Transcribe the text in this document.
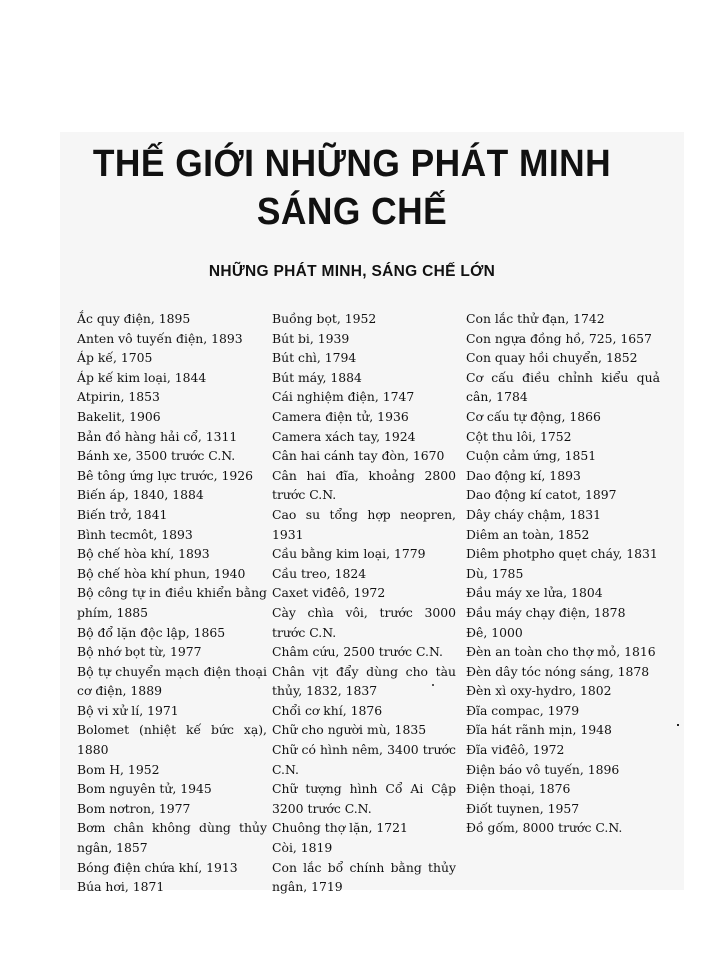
THẾ GIỚI NHỮNG PHÁT MINH
SÁNG CHẾ
NHỮNG PHÁT MINH, SÁNG CHẾ LỚN
Ắc quy điện, 1895
Anten vô tuyến điện, 1893
Áp kế, 1705
Áp kế kim loại, 1844
Atpirin, 1853
Bakelit, 1906
Bản đồ hàng hải cổ, 1311
Bánh xe, 3500 trước C.N.
Bê tông ứng lực trước, 1926
Biến áp, 1840, 1884
Biến trở, 1841
Bình tecmôt, 1893
Bộ chế hòa khí, 1893
Bộ chế hòa khí phun, 1940
Bộ công tự in điều khiển bằng phím, 1885
Bộ đổ lặn độc lập, 1865
Bộ nhớ bọt từ, 1977
Bộ tự chuyển mạch điện thoại cơ điện, 1889
Bộ vi xử lí, 1971
Bolomet (nhiệt kế bức xạ), 1880
Bom H, 1952
Bom nguyên tử, 1945
Bom nơtron, 1977
Bơm chân không dùng thủy ngân, 1857
Bóng điện chứa khí, 1913
Búa hơi, 1871
Buồng bọt, 1952
Bút bi, 1939
Bút chì, 1794
Bút máy, 1884
Cái nghiệm điện, 1747
Camera điện tử, 1936
Camera xách tay, 1924
Cân hai cánh tay đòn, 1670
Cân hai đĩa, khoảng 2800 trước C.N.
Cao su tổng hợp neopren, 1931
Cầu bằng kim loại, 1779
Cầu treo, 1824
Caxet viđêô, 1972
Cày chìa vôi, trước 3000 trước C.N.
Châm cứu, 2500 trước C.N.
Chân vịt đẩy dùng cho tàu thủy, 1832, 1837
Chổi cơ khí, 1876
Chữ cho người mù, 1835
Chữ có hình nêm, 3400 trước C.N.
Chữ tượng hình Cổ Ai Cập 3200 trước C.N.
Chuông thợ lặn, 1721
Còi, 1819
Con lắc bổ chính bằng thủy ngân, 1719
Con lắc thử đạn, 1742
Con ngựa đồng hồ, 725, 1657
Con quay hồi chuyển, 1852
Cơ cấu điều chỉnh kiểu quả cân, 1784
Cơ cấu tự động, 1866
Cột thu lôi, 1752
Cuộn cảm ứng, 1851
Dao động kí, 1893
Dao động kí catot, 1897
Dây cháy chậm, 1831
Diêm an toàn, 1852
Diêm photpho quẹt cháy, 1831
Dù, 1785
Đầu máy xe lửa, 1804
Đầu máy chạy điện, 1878
Đê, 1000
Đèn an toàn cho thợ mỏ, 1816
Đèn dây tóc nóng sáng, 1878
Đèn xì oxy-hydro, 1802
Đĩa compac, 1979
Đĩa hát rãnh mịn, 1948
Đĩa viđêô, 1972
Điện báo vô tuyến, 1896
Điện thoại, 1876
Điốt tuynen, 1957
Đồ gốm, 8000 trước C.N.
